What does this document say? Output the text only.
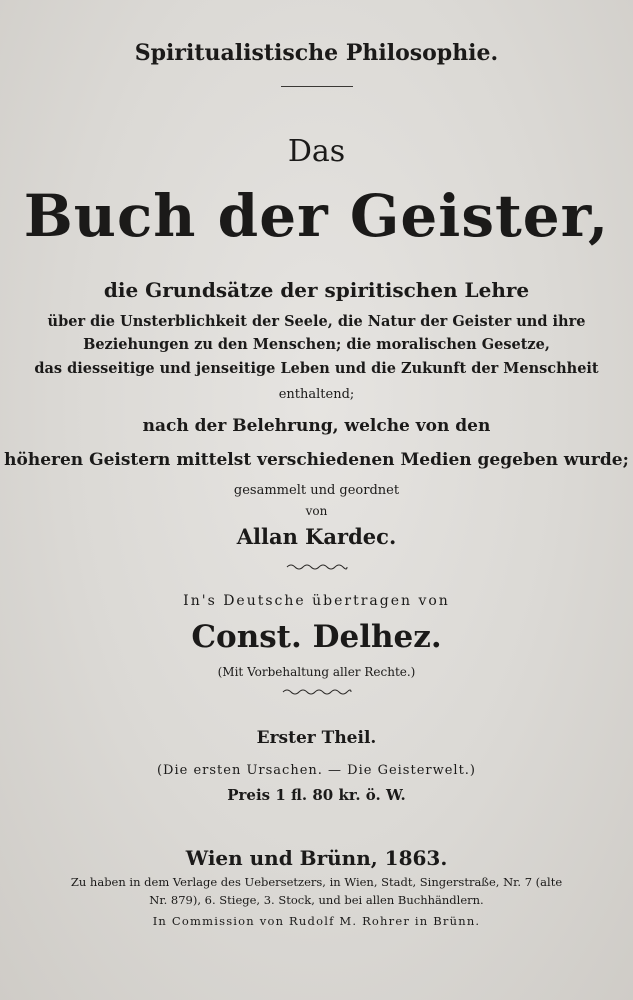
Spiritualistische Philosophie.
Das
Buch der Geister,
die Grundsätze der spiritischen Lehre
über die Unsterblichkeit der Seele, die Natur der Geister und ihre
Beziehungen zu den Menschen; die moralischen Gesetze,
das diesseitige und jenseitige Leben und die Zukunft der Menschheit
enthaltend;
nach der Belehrung, welche von den
höheren Geistern mittelst verschiedenen Medien gegeben wurde;
gesammelt und geordnet
von
Allan Kardec.
In's Deutsche übertragen von
Const. Delhez.
(Mit Vorbehaltung aller Rechte.)
Erster Theil.
(Die ersten Ursachen. — Die Geisterwelt.)
Preis 1 fl. 80 kr. ö. W.
Wien und Brünn, 1863.
Zu haben in dem Verlage des Uebersetzers, in Wien, Stadt, Singerstraße, Nr. 7 (alte
Nr. 879), 6. Stiege, 3. Stock, und bei allen Buchhändlern.
In Commission von Rudolf M. Rohrer in Brünn.
